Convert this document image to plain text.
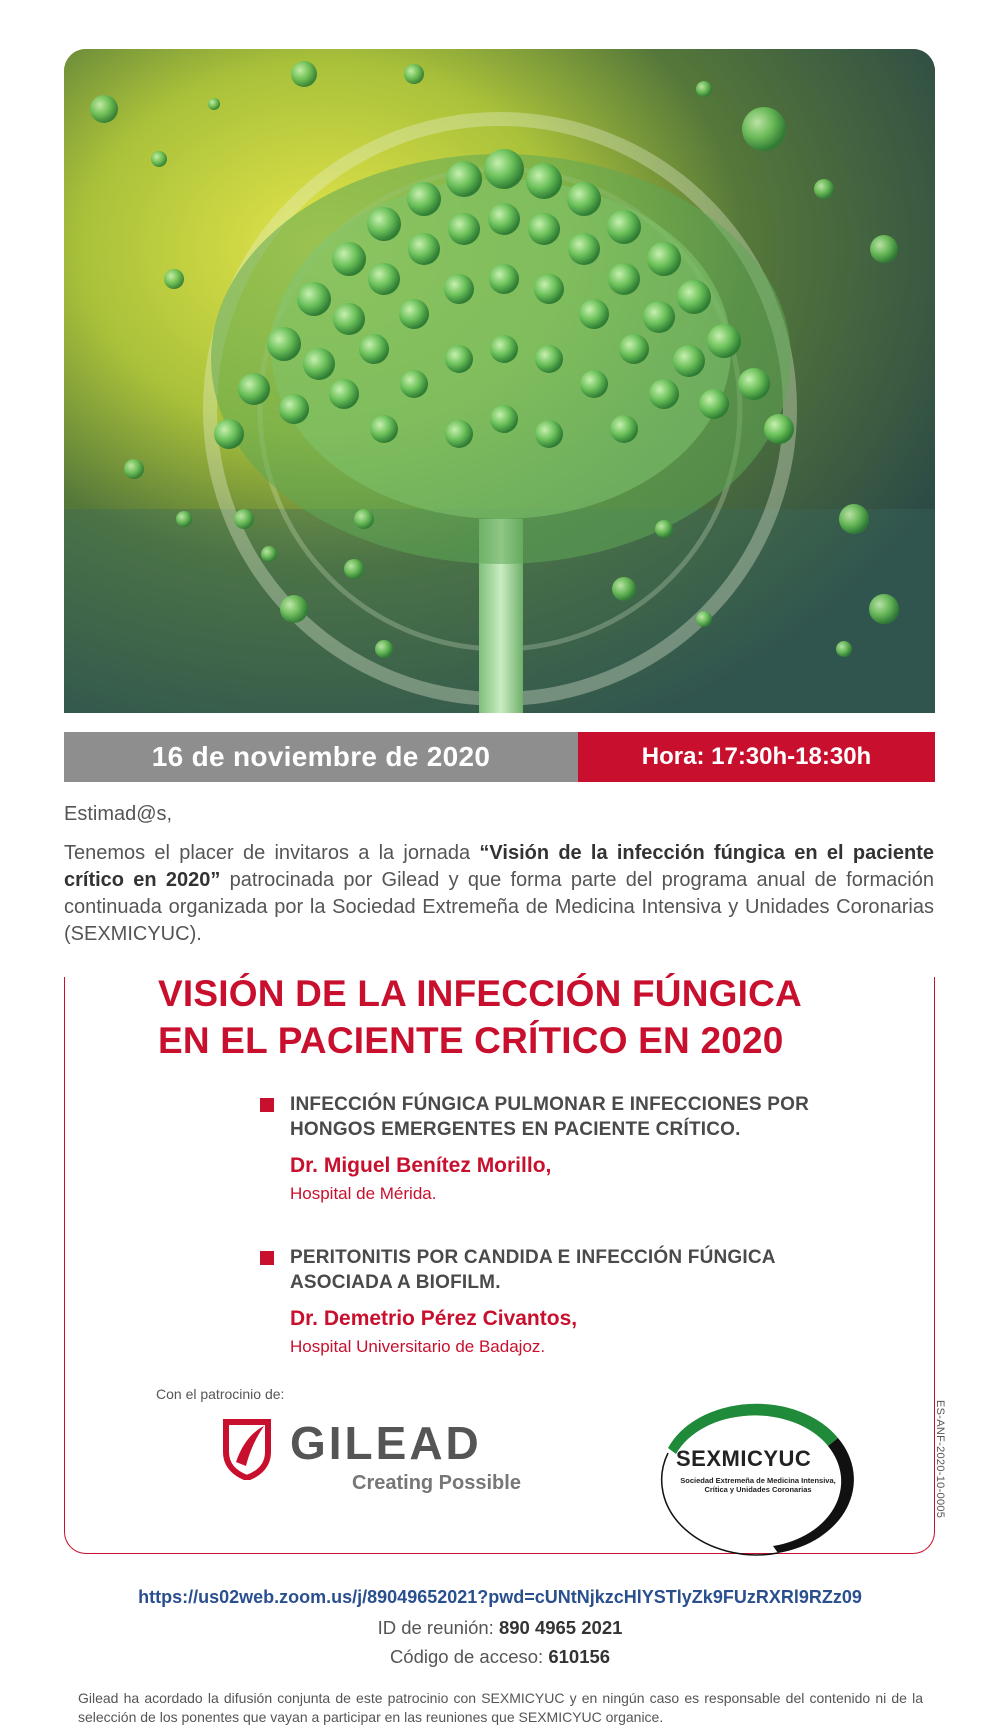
16 de noviembre de 2020	Hora: 17:30h-18:30h
Estimad@s,
Tenemos el placer de invitaros a la jornada “Visión de la infección fúngica en el paciente crítico en 2020” patrocinada por Gilead y que forma parte del programa anual de formación continuada organizada por la Sociedad Extremeña de Medicina Intensiva y Unidades Coronarias (SEXMICYUC).
VISIÓN DE LA INFECCIÓN FÚNGICA
EN EL PACIENTE CRÍTICO EN 2020
INFECCIÓN FÚNGICA PULMONAR E INFECCIONES POR
HONGOS EMERGENTES EN PACIENTE CRÍTICO.
Dr. Miguel Benítez Morillo,
Hospital de Mérida.
PERITONITIS POR CANDIDA E INFECCIÓN FÚNGICA
ASOCIADA A BIOFILM.
Dr. Demetrio Pérez Civantos,
Hospital Universitario de Badajoz.
Con el patrocinio de:
GILEAD
Creating Possible
SEXMICYUC
Sociedad Extremeña de Medicina Intensiva, Crítica y Unidades Coronarias	ES-ANF-2020-10-0005
https://us02web.zoom.us/j/89049652021?pwd=cUNtNjkzcHlYSTlyZk9FUzRXRl9RZz09
ID de reunión: 890 4965 2021
Código de acceso: 610156
Gilead ha acordado la difusión conjunta de este patrocinio con SEXMICYUC y en ningún caso es responsable del contenido ni de la selección de los ponentes que vayan a participar en las reuniones que SEXMICYUC organice.
